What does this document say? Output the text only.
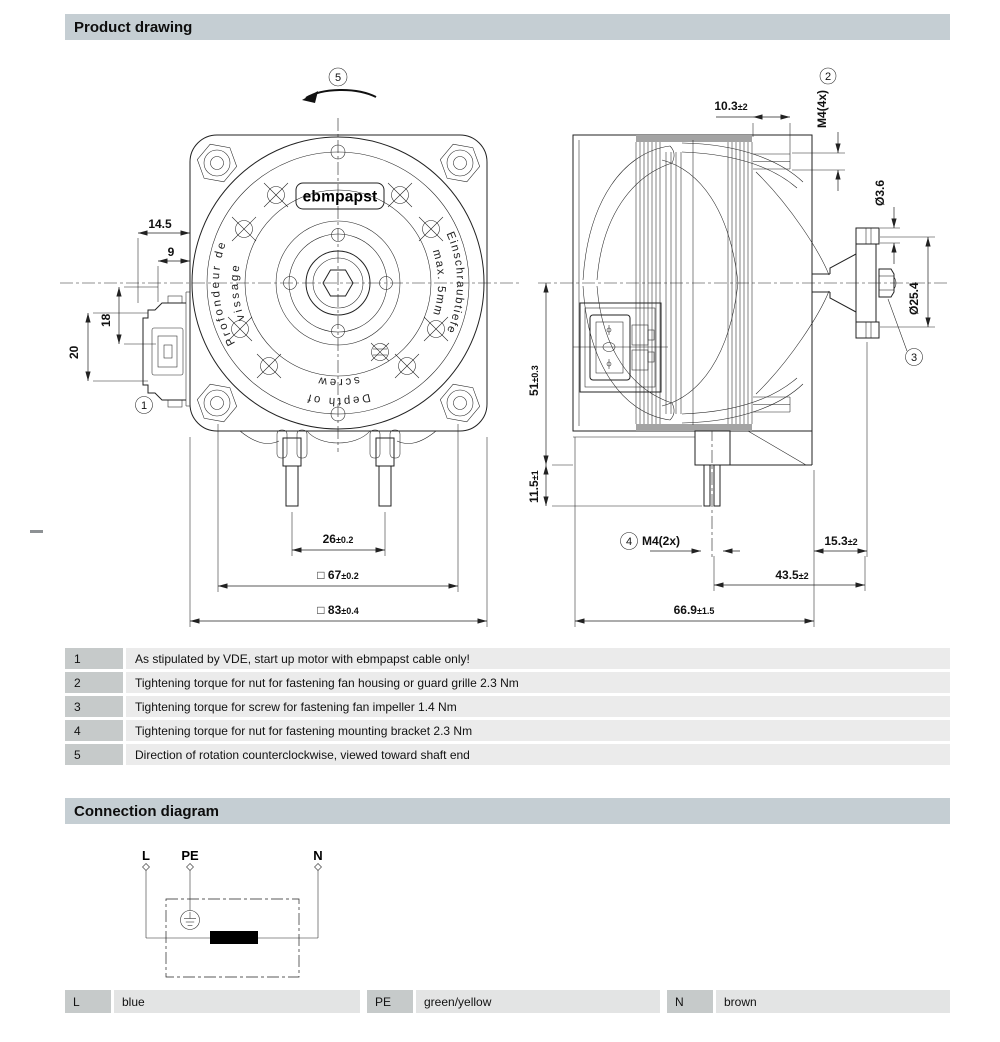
Product drawing
ebmpapst
Profondeur de
vissage
Einschraubtiefe
max. 5mm
Depth of
screw
1
5
14.5
9
18
20
26±0.2
□ 67±0.2
□ 83±0.4
10.3±2
2
M4(4x)
Ø3.6
Ø25.4
3
51±0.3
11.5±1
4 M4(2x)	15.3±2
43.5±2
66.9±1.5
1	As stipulated by VDE, start up motor with ebmpapst cable only!
2	Tightening torque for nut for fastening fan housing or guard grille 2.3 Nm
3	Tightening torque for screw for fastening fan impeller 1.4 Nm
4	Tightening torque for nut for fastening mounting bracket 2.3 Nm
5	Direction of rotation counterclockwise, viewed toward shaft end
Connection diagram
L PE	N
L	blue	PE	green/yellow	N	brown
